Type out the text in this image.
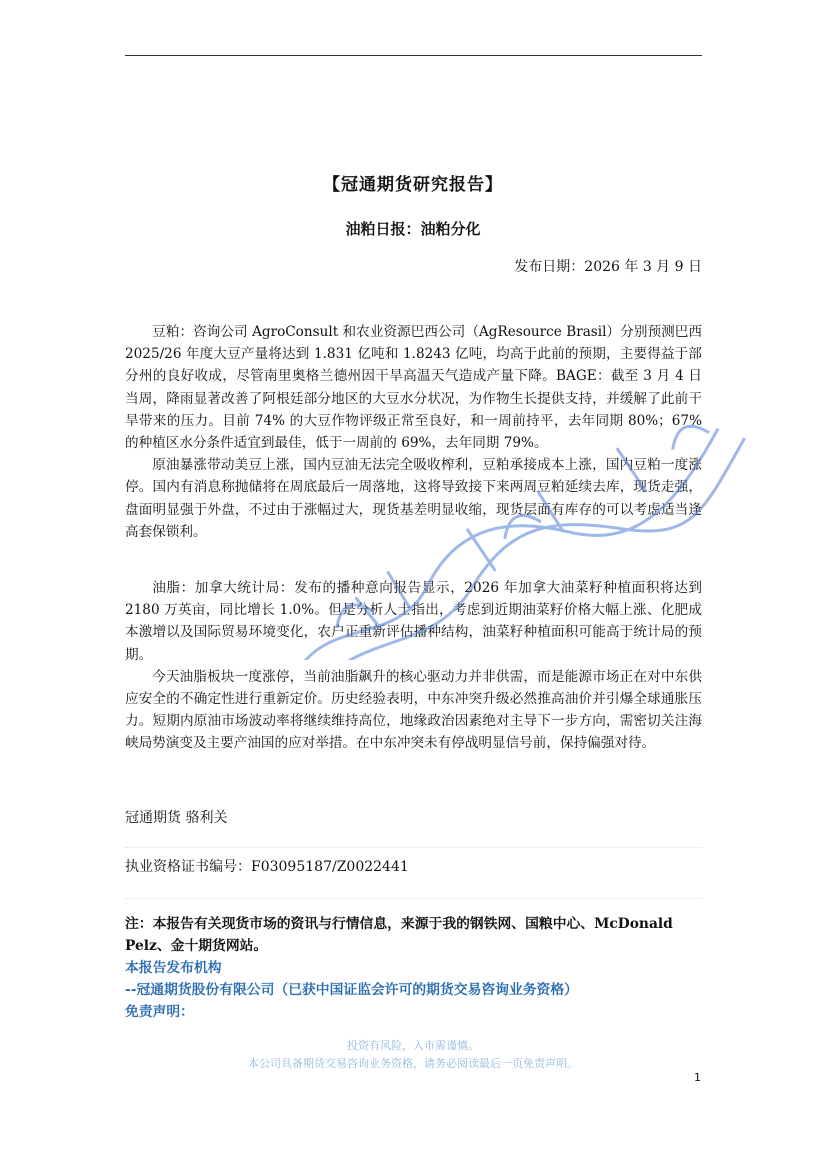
【冠通期货研究报告】
油粕日报：油粕分化
发布日期：2026 年 3 月 9 日

豆粕：咨询公司 AgroConsult 和农业资源巴西公司（AgResource Brasil）分别预测巴西 2025/26 年度大豆产量将达到 1.831 亿吨和 1.8243 亿吨，均高于此前的预期，主要得益于部分州的良好收成，尽管南里奥格兰德州因干旱高温天气造成产量下降。BAGE：截至 3 月 4 日当周，降雨显著改善了阿根廷部分地区的大豆水分状况，为作物生长提供支持，并缓解了此前干旱带来的压力。目前 74% 的大豆作物评级正常至良好，和一周前持平，去年同期 80%；67% 的种植区水分条件适宜到最佳，低于一周前的 69%，去年同期 79%。

原油暴涨带动美豆上涨，国内豆油无法完全吸收榨利，豆粕承接成本上涨，国内豆粕一度涨停。国内有消息称抛储将在周底最后一周落地，这将导致接下来两周豆粕延续去库，现货走强，盘面明显强于外盘，不过由于涨幅过大，现货基差明显收缩，现货层面有库存的可以考虑适当逢高套保锁利。

油脂：加拿大统计局：发布的播种意向报告显示，2026 年加拿大油菜籽种植面积将达到 2180 万英亩，同比增长 1.0%。但是分析人士指出，考虑到近期油菜籽价格大幅上涨、化肥成本激增以及国际贸易环境变化，农户正重新评估播种结构，油菜籽种植面积可能高于统计局的预期。

今天油脂板块一度涨停，当前油脂飙升的核心驱动力并非供需，而是能源市场正在对中东供应安全的不确定性进行重新定价。历史经验表明，中东冲突升级必然推高油价并引爆全球通胀压力。短期内原油市场波动率将继续维持高位，地缘政治因素绝对主导下一步方向，需密切关注海峡局势演变及主要产油国的应对举措。在中东冲突未有停战明显信号前，保持偏强对待。

冠通期货 骆利关
执业资格证书编号：F03095187/Z0022441
注：本报告有关现货市场的资讯与行情信息，来源于我的钢铁网、国粮中心、McDonald Pelz、金十期货网站。
本报告发布机构
--冠通期货股份有限公司（已获中国证监会许可的期货交易咨询业务资格）
免责声明：
投资有风险，入市需谨慎。
本公司具备期货交易咨询业务资格，请务必阅读最后一页免责声明。
1
